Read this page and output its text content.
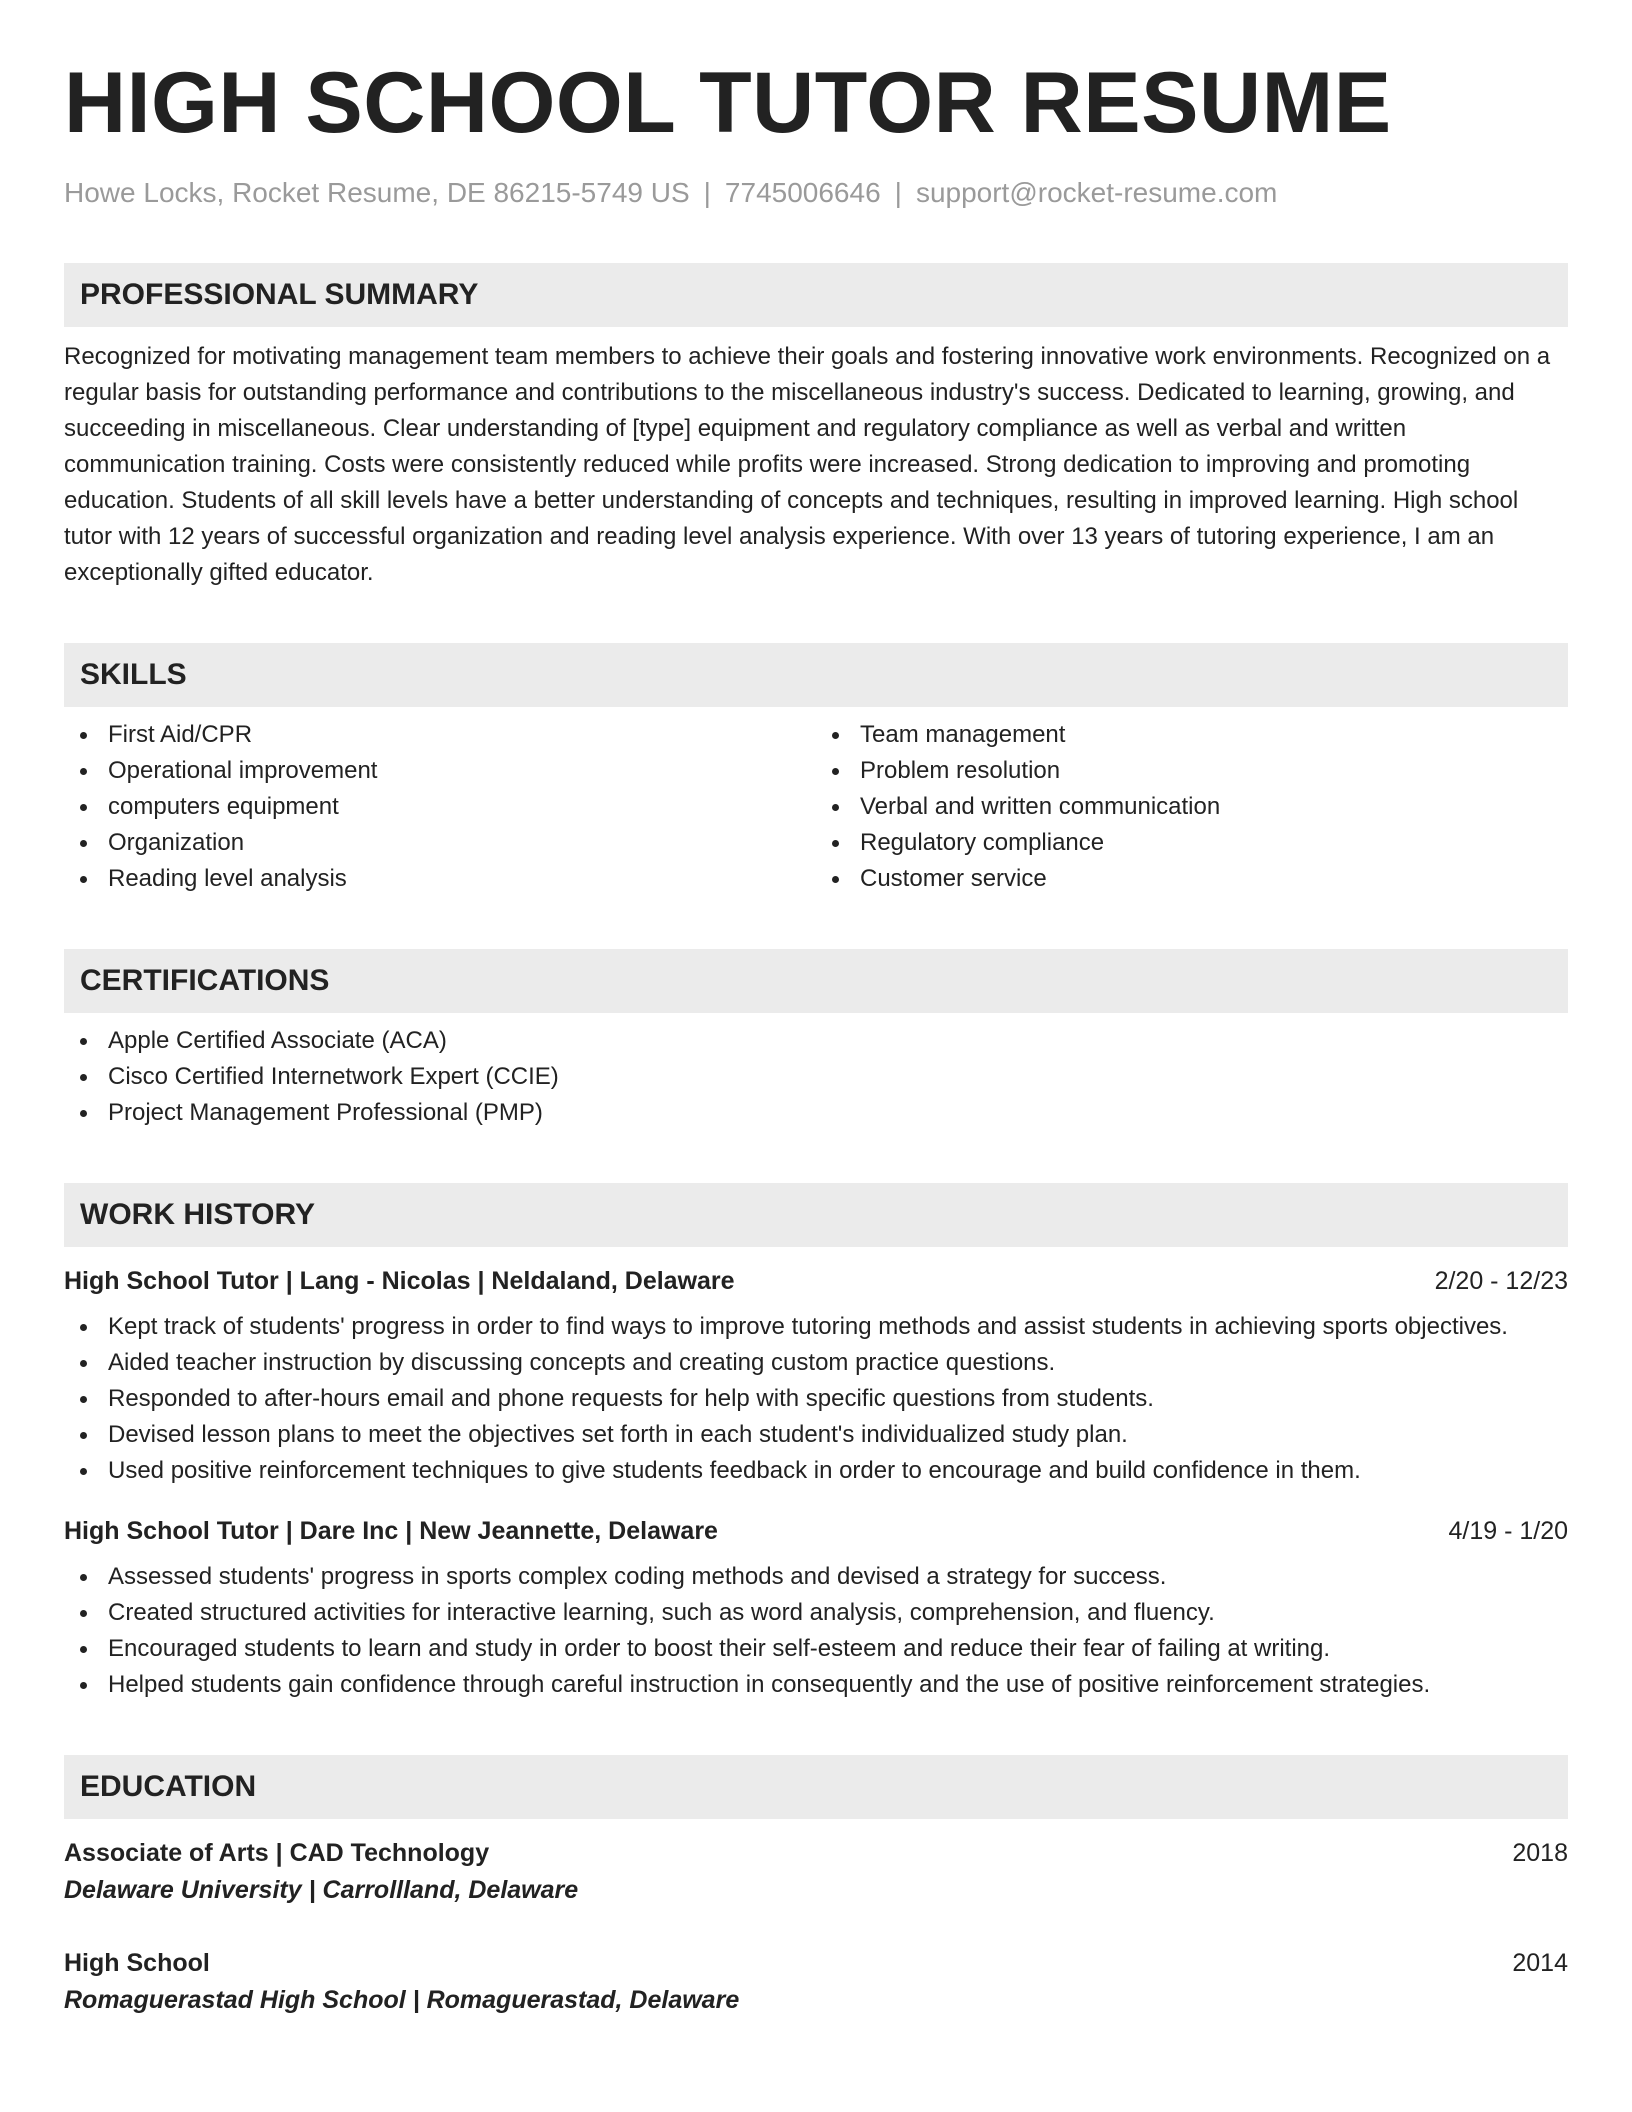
HIGH SCHOOL TUTOR RESUME
Howe Locks, Rocket Resume, DE 86215-5749 US | 7745006646 | support@rocket-resume.com
PROFESSIONAL SUMMARY
Recognized for motivating management team members to achieve their goals and fostering innovative work environments. Recognized on a regular basis for outstanding performance and contributions to the miscellaneous industry's success. Dedicated to learning, growing, and succeeding in miscellaneous. Clear understanding of [type] equipment and regulatory compliance as well as verbal and written communication training. Costs were consistently reduced while profits were increased. Strong dedication to improving and promoting education. Students of all skill levels have a better understanding of concepts and techniques, resulting in improved learning. High school tutor with 12 years of successful organization and reading level analysis experience. With over 13 years of tutoring experience, I am an exceptionally gifted educator.
SKILLS
First Aid/CPR
Operational improvement
computers equipment
Organization
Reading level analysis
Team management
Problem resolution
Verbal and written communication
Regulatory compliance
Customer service
CERTIFICATIONS
Apple Certified Associate (ACA)
Cisco Certified Internetwork Expert (CCIE)
Project Management Professional (PMP)
WORK HISTORY
High School Tutor | Lang - Nicolas | Neldaland, Delaware	2/20 - 12/23
Kept track of students' progress in order to find ways to improve tutoring methods and assist students in achieving sports objectives.
Aided teacher instruction by discussing concepts and creating custom practice questions.
Responded to after-hours email and phone requests for help with specific questions from students.
Devised lesson plans to meet the objectives set forth in each student's individualized study plan.
Used positive reinforcement techniques to give students feedback in order to encourage and build confidence in them.
High School Tutor | Dare Inc | New Jeannette, Delaware	4/19 - 1/20
Assessed students' progress in sports complex coding methods and devised a strategy for success.
Created structured activities for interactive learning, such as word analysis, comprehension, and fluency.
Encouraged students to learn and study in order to boost their self-esteem and reduce their fear of failing at writing.
Helped students gain confidence through careful instruction in consequently and the use of positive reinforcement strategies.
EDUCATION
Associate of Arts | CAD Technology	2018
Delaware University | Carrollland, Delaware
High School	2014
Romaguerastad High School | Romaguerastad, Delaware
